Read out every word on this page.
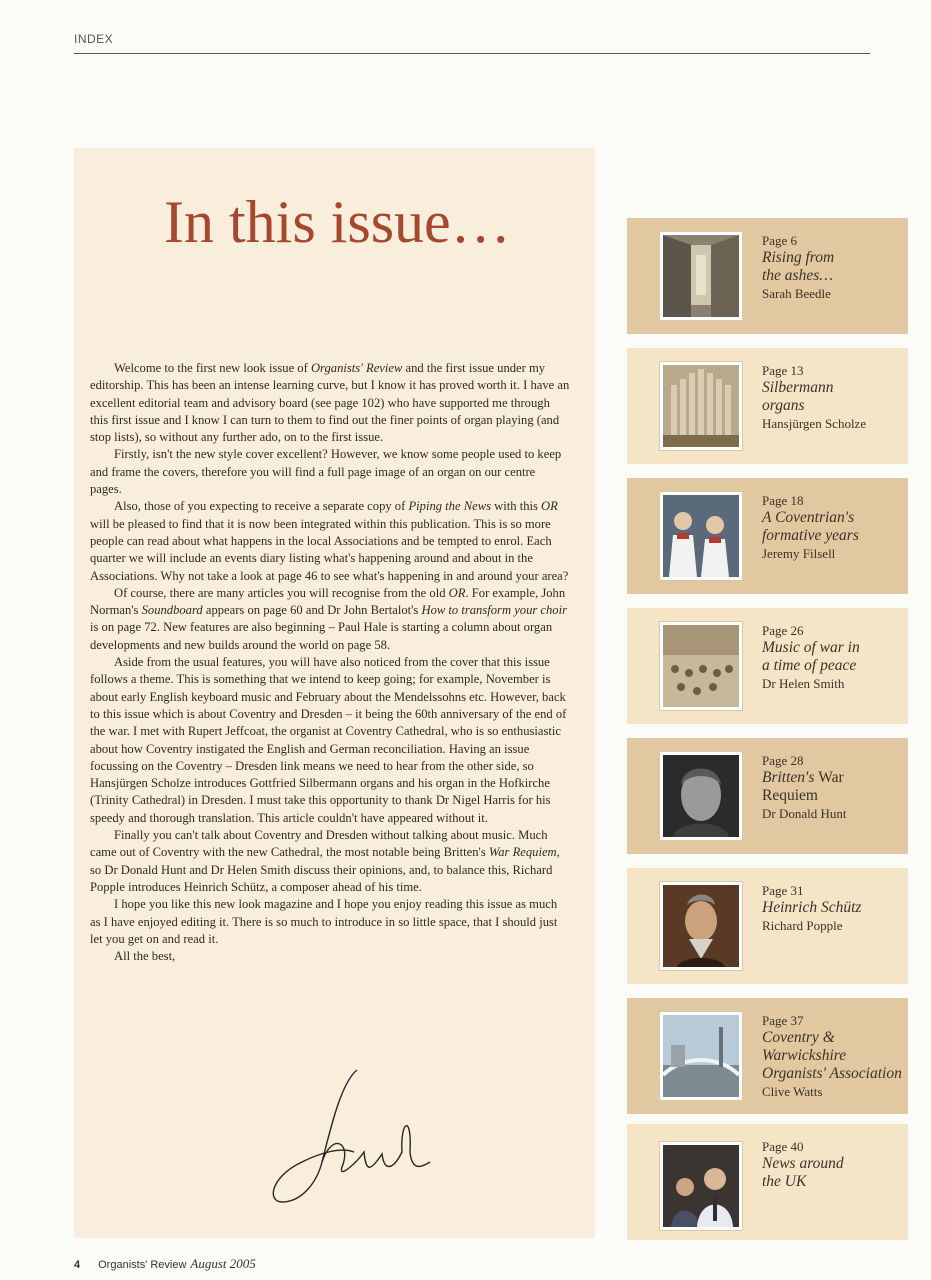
INDEX
In this issue…

Welcome to the first new look issue of Organists' Review and the first issue under my editorship. This has been an intense learning curve, but I know it has proved worth it. I have an excellent editorial team and advisory board (see page 102) who have supported me through this first issue and I know I can turn to them to find out the finer points of organ playing (and stop lists), so without any further ado, on to the first issue.

Firstly, isn't the new style cover excellent? However, we know some people used to keep and frame the covers, therefore you will find a full page image of an organ on our centre pages.

Also, those of you expecting to receive a separate copy of Piping the News with this OR will be pleased to find that it is now been integrated within this publication. This is so more people can read about what happens in the local Associations and be tempted to enrol. Each quarter we will include an events diary listing what's happening around and about in the Associations. Why not take a look at page 46 to see what's happening in and around your area?

Of course, there are many articles you will recognise from the old OR. For example, John Norman's Soundboard appears on page 60 and Dr John Bertalot's How to transform your choir is on page 72. New features are also beginning – Paul Hale is starting a column about organ developments and new builds around the world on page 58.

Aside from the usual features, you will have also noticed from the cover that this issue follows a theme. This is something that we intend to keep going; for example, November is about early English keyboard music and February about the Mendelssohns etc. However, back to this issue which is about Coventry and Dresden – it being the 60th anniversary of the end of the war. I met with Rupert Jeffcoat, the organist at Coventry Cathedral, who is so enthusiastic about how Coventry instigated the English and German reconciliation. Having an issue focussing on the Coventry – Dresden link means we need to hear from the other side, so Hansjürgen Scholze introduces Gottfried Silbermann organs and his organ in the Hofkirche (Trinity Cathedral) in Dresden. I must take this opportunity to thank Dr Nigel Harris for his speedy and thorough translation. This article couldn't have appeared without it.

Finally you can't talk about Coventry and Dresden without talking about music. Much came out of Coventry with the new Cathedral, the most notable being Britten's War Requiem, so Dr Donald Hunt and Dr Helen Smith discuss their opinions, and, to balance this, Richard Popple introduces Heinrich Schütz, a composer ahead of his time.

I hope you like this new look magazine and I hope you enjoy reading this issue as much as I have enjoyed editing it. There is so much to introduce in so little space, that I should just let you get on and read it.

All the best,

Page 6
Rising from
the ashes…
Sarah Beedle
Page 13
Silbermann
organs
Hansjürgen Scholze
Page 18
A Coventrian's
formative years
Jeremy Filsell
Page 26
Music of war in
a time of peace
Dr Helen Smith
Page 28
Britten's War
Requiem
Dr Donald Hunt
Page 31
Heinrich Schütz
Richard Popple
Page 37
Coventry &
Warwickshire
Organists' Association
Clive Watts
Page 40
News around
the UK
4 Organists' Review August 2005
